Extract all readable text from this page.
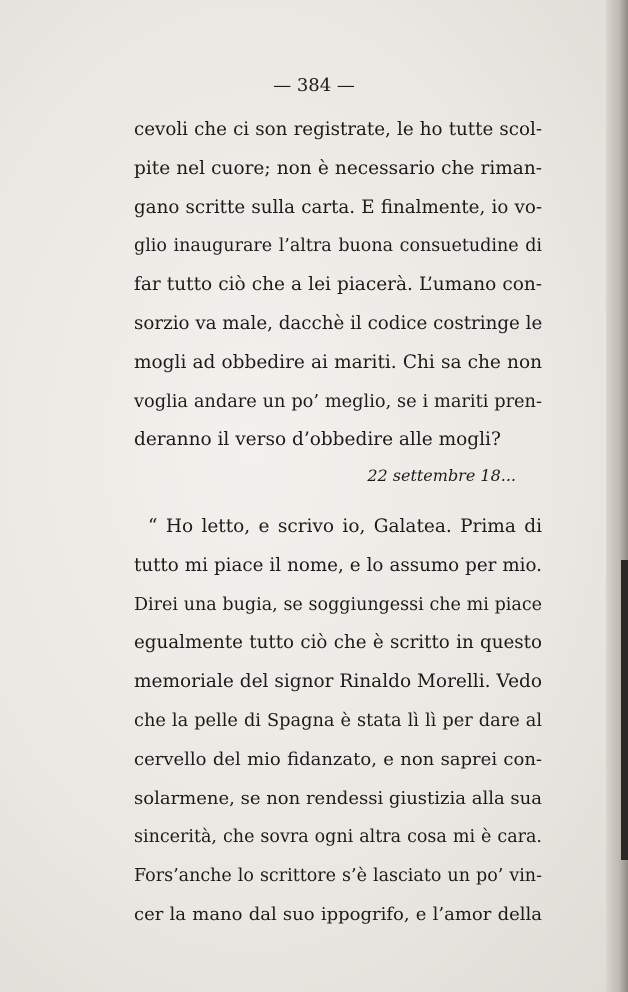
— 384 —
cevoli che ci son registrate, le ho tutte scol-
pite nel cuore; non è necessario che riman-
gano scritte sulla carta. E finalmente, io vo-
glio inaugurare l’altra buona consuetudine di
far tutto ciò che a lei piacerà. L’umano con-
sorzio va male, dacchè il codice costringe le
mogli ad obbedire ai mariti. Chi sa che non
voglia andare un po’ meglio, se i mariti pren-
deranno il verso d’obbedire alle mogli?
22 settembre 18...
“ Ho letto, e scrivo io, Galatea. Prima di
tutto mi piace il nome, e lo assumo per mio.
Direi una bugia, se soggiungessi che mi piace
egualmente tutto ciò che è scritto in questo
memoriale del signor Rinaldo Morelli. Vedo
che la pelle di Spagna è stata lì lì per dare al
cervello del mio fidanzato, e non saprei con-
solarmene, se non rendessi giustizia alla sua
sincerità, che sovra ogni altra cosa mi è cara.
Fors’anche lo scrittore s’è lasciato un po’ vin-
cer la mano dal suo ippogrifo, e l’amor della
